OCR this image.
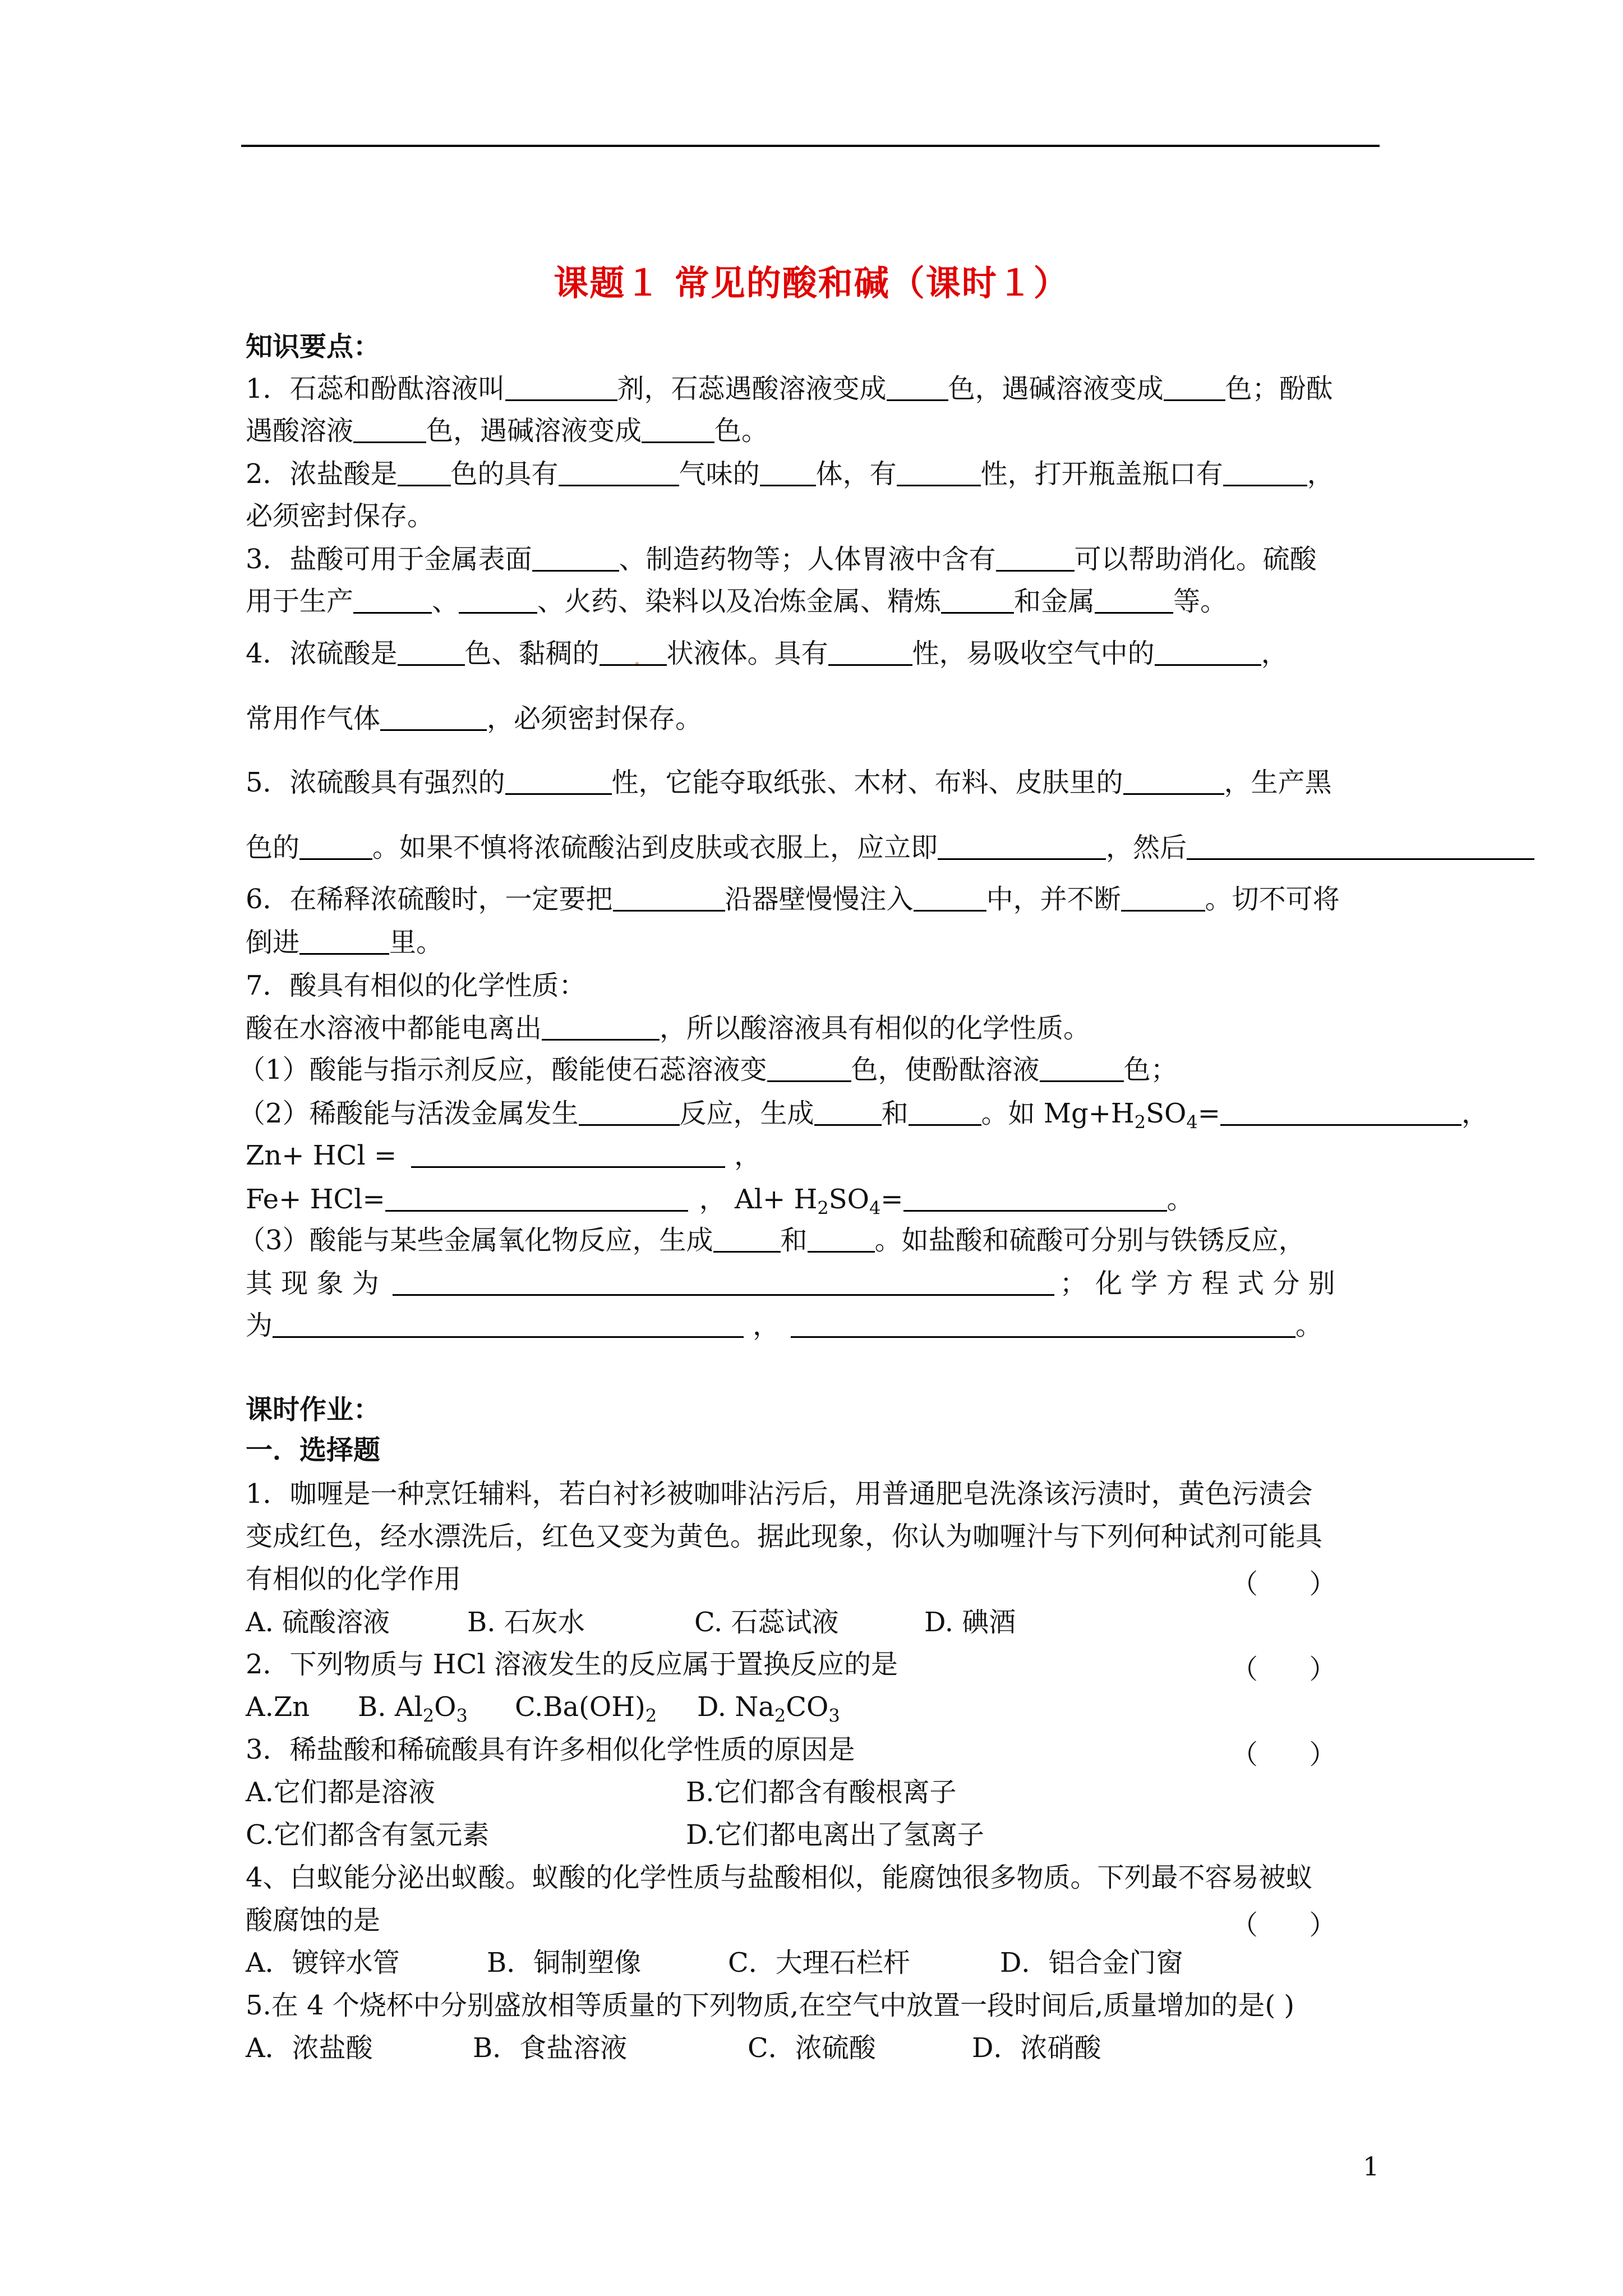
课题１ 常见的酸和碱（课时１）
知识要点：
1．石蕊和酚酞溶液叫	剂，石蕊遇酸溶液变成 色，遇碱溶液变成 色；酚酞
遇酸溶液	色，遇碱溶液变成	色。
2．浓盐酸是 色的具有	气味的 体，有	性，打开瓶盖瓶口有	，
必须密封保存。
3．盐酸可用于金属表面	、制造药物等；人体胃液中含有	可以帮助消化。硫酸
用于生产	、	、火药、染料以及冶炼金属、精炼	和金属	等。
4．浓硫酸是	色、黏稠的	状液体。具有	性，易吸收空气中的	，
常用作气体	，必须密封保存。
5．浓硫酸具有强烈的	性，它能夺取纸张、木材、布料、皮肤里的	，生产黑
色的	。如果不慎将浓硫酸沾到皮肤或衣服上，应立即	，然后
6．在稀释浓硫酸时，一定要把	沿器壁慢慢注入	中，并不断	。切不可将
倒进	里。
7．酸具有相似的化学性质：
酸在水溶液中都能电离出	，所以酸溶液具有相似的化学性质。
（1）酸能与指示剂反应，酸能使石蕊溶液变	色，使酚酞溶液	色；
（2）稀酸能与活泼金属发生	反应，生成	和	。如 $Mg+H_2SO_4=$	，
Zn+ HCl =	，
Fe+ HCl=	， $Al+ H_2SO_4=$	。
（3）酸能与某些金属氧化物反应，生成	和	。如盐酸和硫酸可分别与铁锈反应，
其 现 象 为	； 化 学 方 程 式 分 别
为	，	。
课时作业：
一．选择题
1．咖喱是一种烹饪辅料，若白衬衫被咖啡沾污后，用普通肥皂洗涤该污渍时，黄色污渍会
变成红色，经水漂洗后，红色又变为黄色。据此现象，你认为咖喱汁与下列何种试剂可能具
有相似的化学作用	（      ）
A. 硫酸溶液	B. 石灰水	C. 石蕊试液	D. 碘酒
2．下列物质与 HCl 溶液发生的反应属于置换反应的是	（      ）
A.Zn B. $Al_2O_3$ $C.Ba(OH)_2$ D. $Na_2CO_3$
3．稀盐酸和稀硫酸具有许多相似化学性质的原因是	（      ）
A.它们都是溶液	B.它们都含有酸根离子
C.它们都含有氢元素	D.它们都电离出了氢离子
4、白蚁能分泌出蚁酸。蚁酸的化学性质与盐酸相似，能腐蚀很多物质。下列最不容易被蚁
酸腐蚀的是	（      ）
A．镀锌水管	B．铜制塑像	C．大理石栏杆	D．铝合金门窗
5.在 4 个烧杯中分别盛放相等质量的下列物质,在空气中放置一段时间后,质量增加的是( )
A．浓盐酸	B．食盐溶液	C．浓硫酸	D．浓硝酸
1
